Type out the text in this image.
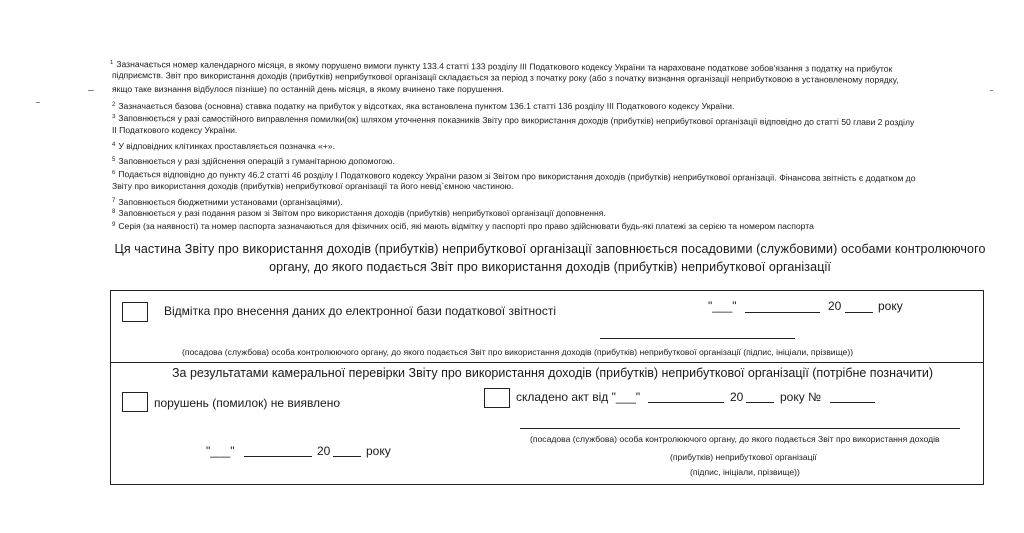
$^1$ Зазначається номер календарного місяця, в якому порушено вимоги пункту 133.4 статті 133 розділу III Податкового кодексу України та нараховане податкове зобов'язання з податку на прибуток
підприємств. Звіт про використання доходів (прибутків) неприбуткової організації складається за період з початку року (або з початку визнання організації неприбутковою в установленому порядку,
якщо таке визнання відбулося пізніше) по останній день місяця, в якому вчинено таке порушення.
$^2$ Зазначається базова (основна) ставка податку на прибуток у відсотках, яка встановлена пунктом 136.1 статті 136 розділу III Податкового кодексу України.
$^3$ Заповнюється у разі самостійного виправлення помилки(ок) шляхом уточнення показників Звіту про використання доходів (прибутків) неприбуткової організації відповідно до статті 50 глави 2 розділу
II Податкового кодексу України.
$^4$ У відповідних клітинках проставляється позначка «+».
$^5$ Заповнюється у разі здійснення операцій з гуманітарною допомогою.
$^6$ Подається відповідно до пункту 46.2 статті 46 розділу І Податкового кодексу України разом зі Звітом про використання доходів (прибутків) неприбуткової організації. Фінансова звітність є додатком до
Звіту про використання доходів (прибутків) неприбуткової організації та його невід`ємною частиною.
$^7$ Заповнюється бюджетними установами (організаціями).
$^8$ Заповнюється у разі подання разом зі Звітом про використання доходів (прибутків) неприбуткової організації доповнення.
$^9$ Серія (за наявності) та номер паспорта зазначаються для фізичних осіб, які мають відмітку у паспорті про право здійснювати будь-які платежі за серією та номером паспорта
Ця частина Звіту про використання доходів (прибутків) неприбуткової організації заповнюється посадовими (службовими) особами контролюючого
органу, до якого подається Звіт про використання доходів (прибутків) неприбуткової організації
Відмітка про внесення даних до електронної бази податкової звітності	"___"	20	року
(посадова (службова) особа контролюючого органу, до якого подається Звіт про використання доходів (прибутків) неприбуткової організації (підпис, ініціали, прізвище))
За результатами камеральної перевірки Звіту про використання доходів (прибутків) неприбуткової організації (потрібне позначити)
порушень (помилок) не виявлено	складено акт від "___"	20	року №
(посадова (службова) особа контролюючого органу, до якого подається Звіт про використання доходів
(прибутків) неприбуткової організації
(підпис, ініціали, прізвище))
"___"	20	року
